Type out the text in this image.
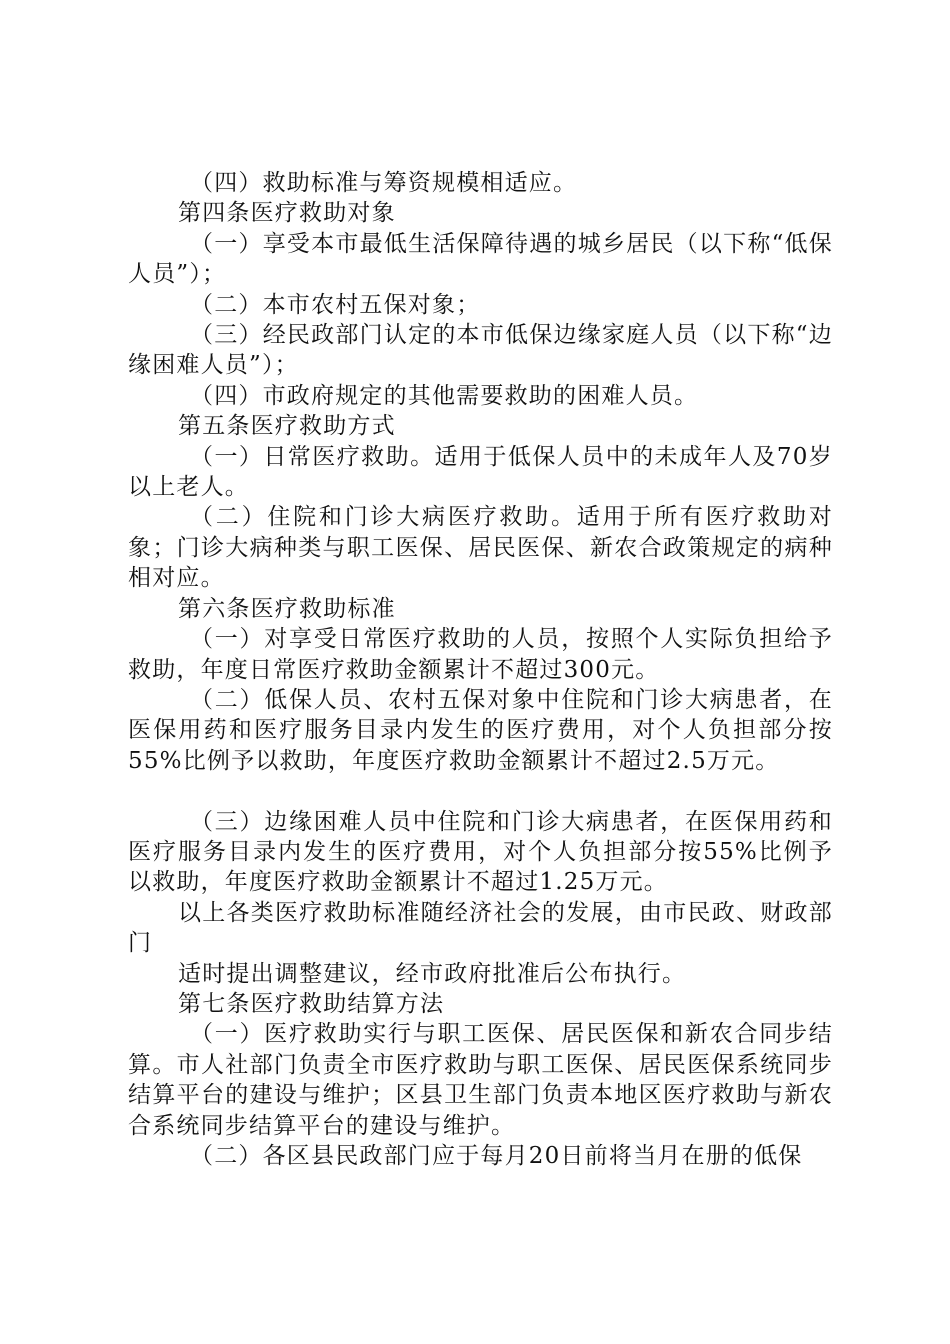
（四）救助标准与筹资规模相适应。

第四条医疗救助对象

（一）享受本市最低生活保障待遇的城乡居民（以下称“低保人员”）；

（二）本市农村五保对象；

（三）经民政部门认定的本市低保边缘家庭人员（以下称“边缘困难人员”）；

（四）市政府规定的其他需要救助的困难人员。

第五条医疗救助方式

（一）日常医疗救助。适用于低保人员中的未成年人及70岁以上老人。

（二）住院和门诊大病医疗救助。适用于所有医疗救助对象；门诊大病种类与职工医保、居民医保、新农合政策规定的病种相对应。

第六条医疗救助标准

（一）对享受日常医疗救助的人员，按照个人实际负担给予救助，年度日常医疗救助金额累计不超过300元。

（二）低保人员、农村五保对象中住院和门诊大病患者，在医保用药和医疗服务目录内发生的医疗费用，对个人负担部分按55%比例予以救助，年度医疗救助金额累计不超过2.5万元。

（三）边缘困难人员中住院和门诊大病患者，在医保用药和医疗服务目录内发生的医疗费用，对个人负担部分按55%比例予以救助，年度医疗救助金额累计不超过1.25万元。

以上各类医疗救助标准随经济社会的发展，由市民政、财政部门

适时提出调整建议，经市政府批准后公布执行。

第七条医疗救助结算方法

（一）医疗救助实行与职工医保、居民医保和新农合同步结算。市人社部门负责全市医疗救助与职工医保、居民医保系统同步结算平台的建设与维护；区县卫生部门负责本地区医疗救助与新农合系统同步结算平台的建设与维护。

（二）各区县民政部门应于每月20日前将当月在册的低保
